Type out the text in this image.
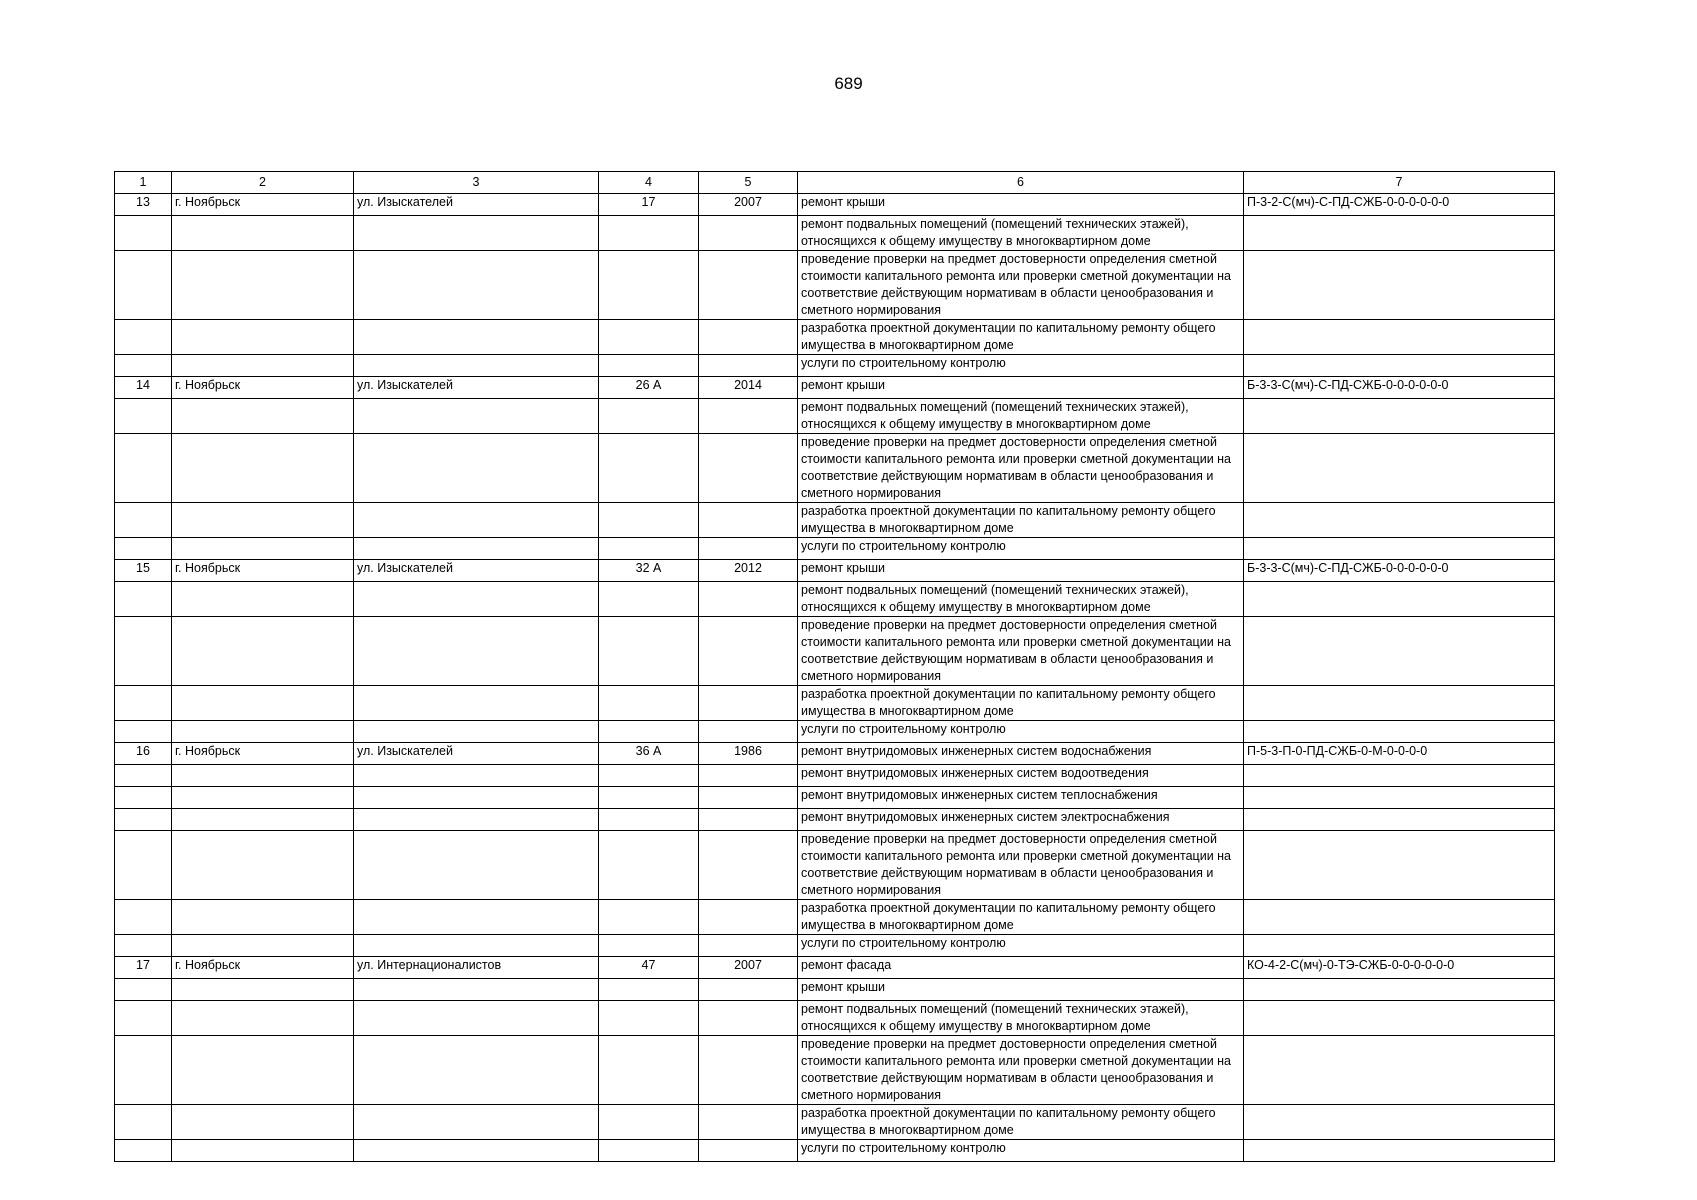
689
1	2	3	4	5	6	7
13	г. Ноябрьск	ул. Изыскателей	17	2007	ремонт крыши	П-3-2-С(мч)-С-ПД-СЖБ-0-0-0-0-0-0
					ремонт подвальных помещений (помещений технических этажей), относящихся к общему имуществу в многоквартирном доме	
					проведение проверки на предмет достоверности определения сметной стоимости капитального ремонта или проверки сметной документации на соответствие действующим нормативам в области ценообразования и сметного нормирования	
					разработка проектной документации по капитальному ремонту общего имущества в многоквартирном доме	
					услуги по строительному контролю	
14	г. Ноябрьск	ул. Изыскателей	26 А	2014	ремонт крыши	Б-3-3-С(мч)-С-ПД-СЖБ-0-0-0-0-0-0
					ремонт подвальных помещений (помещений технических этажей), относящихся к общему имуществу в многоквартирном доме	
					проведение проверки на предмет достоверности определения сметной стоимости капитального ремонта или проверки сметной документации на соответствие действующим нормативам в области ценообразования и сметного нормирования	
					разработка проектной документации по капитальному ремонту общего имущества в многоквартирном доме	
					услуги по строительному контролю	
15	г. Ноябрьск	ул. Изыскателей	32 А	2012	ремонт крыши	Б-3-3-С(мч)-С-ПД-СЖБ-0-0-0-0-0-0
					ремонт подвальных помещений (помещений технических этажей), относящихся к общему имуществу в многоквартирном доме	
					проведение проверки на предмет достоверности определения сметной стоимости капитального ремонта или проверки сметной документации на соответствие действующим нормативам в области ценообразования и сметного нормирования	
					разработка проектной документации по капитальному ремонту общего имущества в многоквартирном доме	
					услуги по строительному контролю	
16	г. Ноябрьск	ул. Изыскателей	36 А	1986	ремонт внутридомовых инженерных систем водоснабжения	П-5-3-П-0-ПД-СЖБ-0-М-0-0-0-0
					ремонт внутридомовых инженерных систем водоотведения	
					ремонт внутридомовых инженерных систем теплоснабжения	
					ремонт внутридомовых инженерных систем электроснабжения	
					проведение проверки на предмет достоверности определения сметной стоимости капитального ремонта или проверки сметной документации на соответствие действующим нормативам в области ценообразования и сметного нормирования	
					разработка проектной документации по капитальному ремонту общего имущества в многоквартирном доме	
					услуги по строительному контролю	
17	г. Ноябрьск	ул. Интернационалистов	47	2007	ремонт фасада	КО-4-2-С(мч)-0-ТЭ-СЖБ-0-0-0-0-0-0
					ремонт крыши	
					ремонт подвальных помещений (помещений технических этажей), относящихся к общему имуществу в многоквартирном доме	
					проведение проверки на предмет достоверности определения сметной стоимости капитального ремонта или проверки сметной документации на соответствие действующим нормативам в области ценообразования и сметного нормирования	
					разработка проектной документации по капитальному ремонту общего имущества в многоквартирном доме	
					услуги по строительному контролю	
